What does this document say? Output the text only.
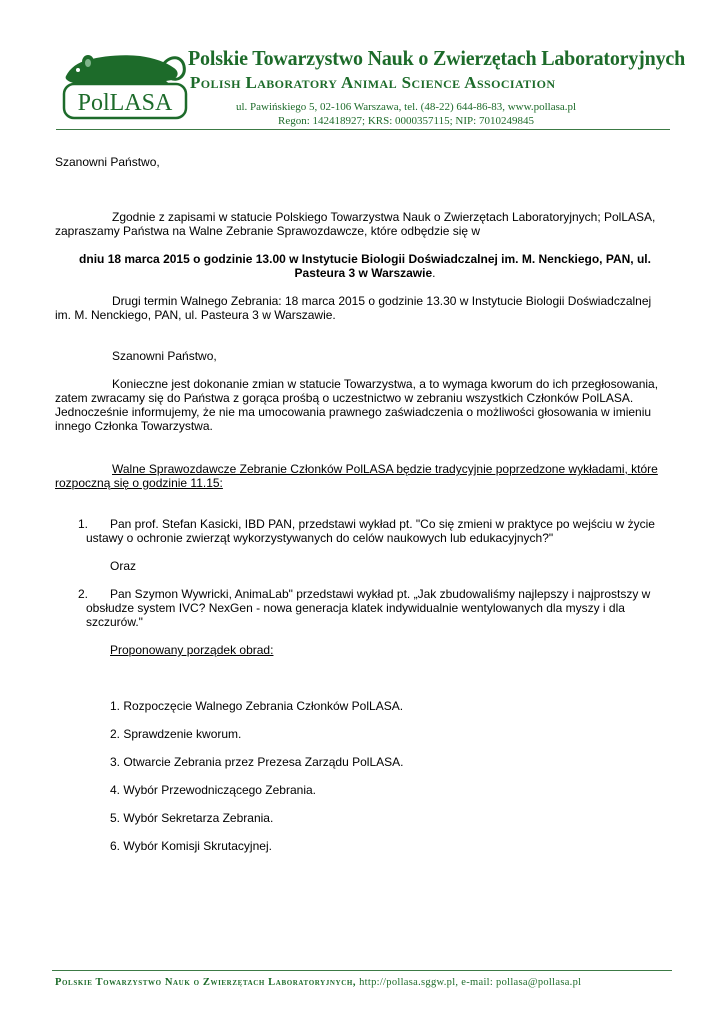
PolLASA
Polskie Towarzystwo Nauk o Zwierzętach Laboratoryjnych
Polish Laboratory Animal Science Association
ul. Pawińskiego 5, 02-106 Warszawa, tel. (48-22) 644-86-83, www.pollasa.pl
Regon: 142418927; KRS: 0000357115; NIP: 7010249845
Szanowni Państwo,
Zgodnie z zapisami w statucie Polskiego Towarzystwa Nauk o Zwierzętach Laboratoryjnych; PolLASA, zapraszamy Państwa na Walne Zebranie Sprawozdawcze, które odbędzie się w
dniu 18 marca 2015 o godzinie 13.00 w Instytucie Biologii Doświadczalnej im. M. Nenckiego, PAN, ul. Pasteura 3 w Warszawie.
Drugi termin Walnego Zebrania: 18 marca 2015 o godzinie 13.30 w Instytucie Biologii Doświadczalnej im. M. Nenckiego, PAN, ul. Pasteura 3 w Warszawie.
Szanowni Państwo,
Konieczne jest dokonanie zmian w statucie Towarzystwa, a to wymaga kworum do ich przegłosowania, zatem zwracamy się do Państwa z gorąca prośbą o uczestnictwo w zebraniu wszystkich Członków PolLASA. Jednocześnie informujemy, że nie ma umocowania prawnego zaświadczenia o możliwości głosowania w imieniu innego Członka Towarzystwa.
Walne Sprawozdawcze Zebranie Członków PolLASA będzie tradycyjnie poprzedzone wykładami, które rozpoczną się o godzinie 11.15:
1.	Pan prof. Stefan Kasicki, IBD PAN, przedstawi wykład pt. "Co się zmieni w praktyce po wejściu w życie
ustawy o ochronie zwierząt wykorzystywanych do celów naukowych lub edukacyjnych?"
Oraz
2.	Pan Szymon Wywricki, AnimaLab" przedstawi wykład pt. „Jak zbudowaliśmy najlepszy i najprostszy w
obsłudze system IVC? NexGen - nowa generacja klatek indywidualnie wentylowanych dla myszy i dla szczurów."
Proponowany porządek obrad:
1. Rozpoczęcie Walnego Zebrania Członków PolLASA.
2. Sprawdzenie kworum.
3. Otwarcie Zebrania przez Prezesa Zarządu PolLASA.
4. Wybór Przewodniczącego Zebrania.
5. Wybór Sekretarza Zebrania.
6. Wybór Komisji Skrutacyjnej.
Polskie Towarzystwo Nauk o Zwierzętach Laboratoryjnych, http://pollasa.sggw.pl, e-mail: pollasa@pollasa.pl
